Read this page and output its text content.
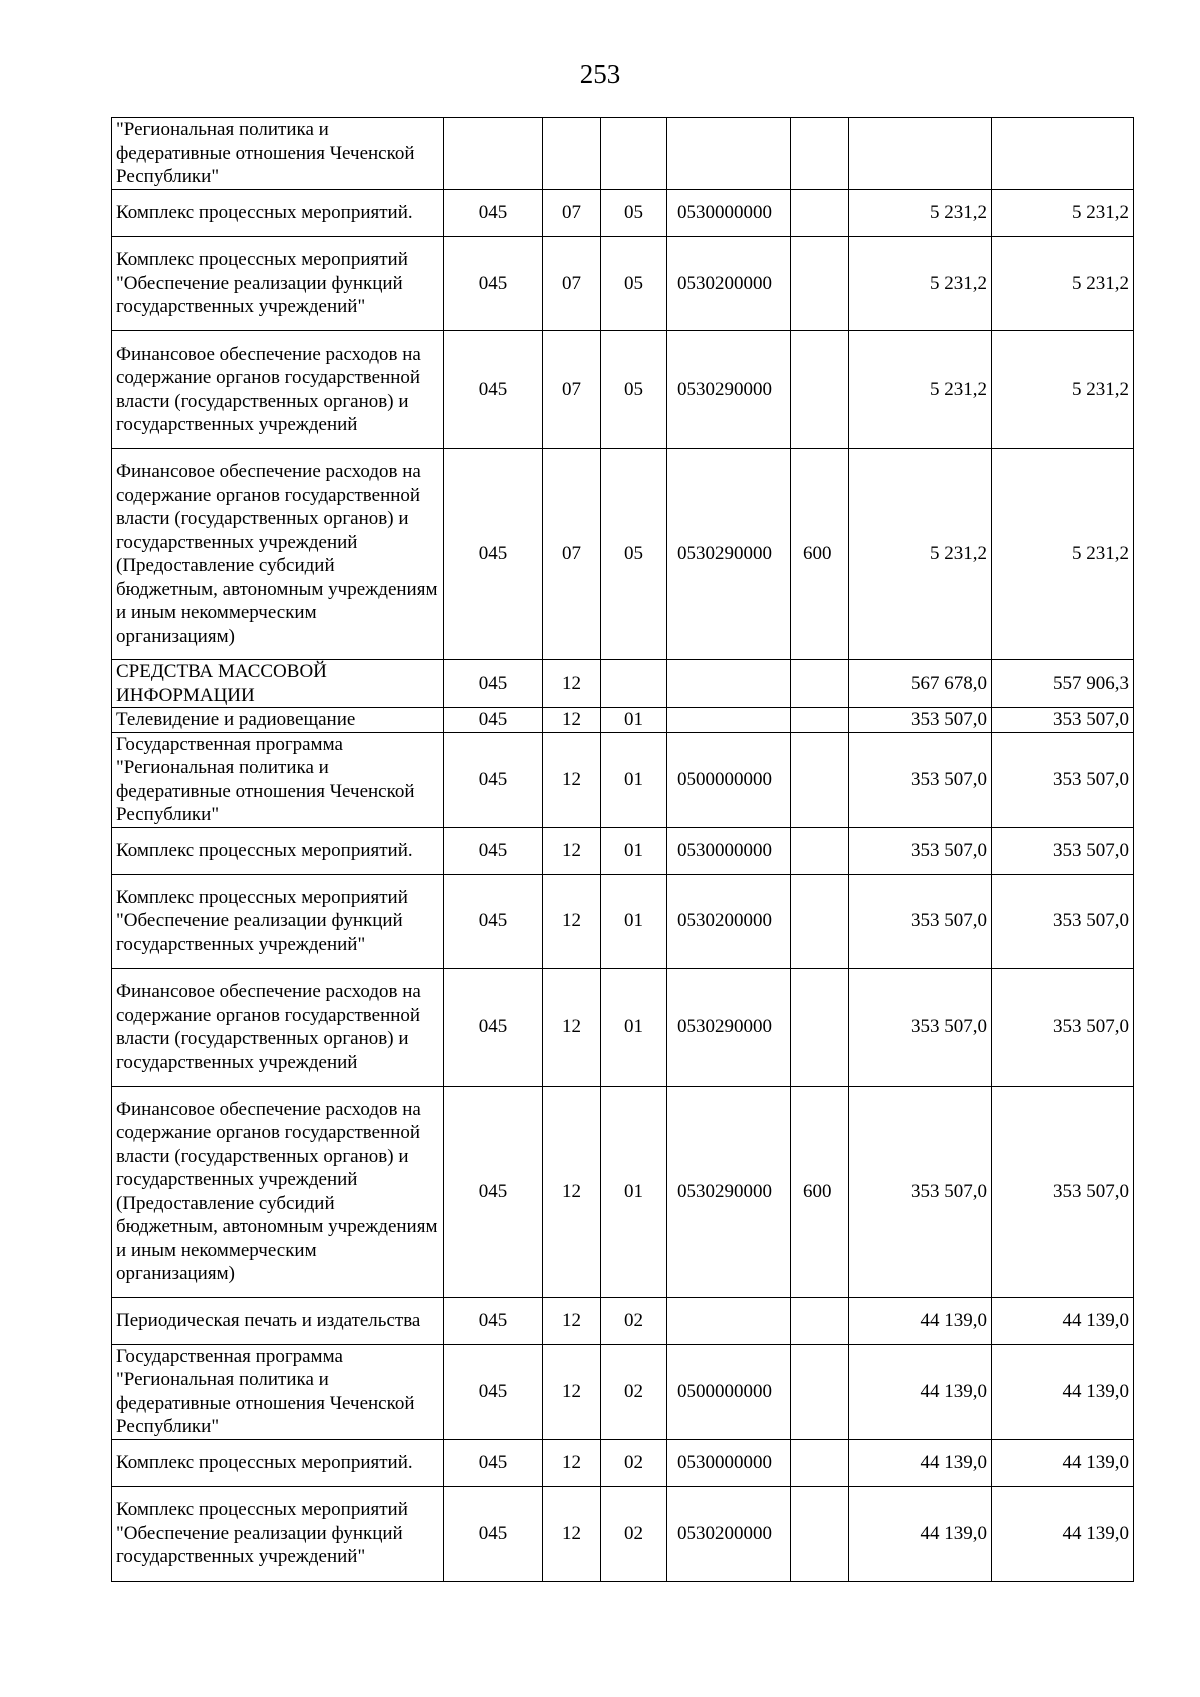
253
"Региональная политика и федеративные отношения Чеченской Республики"							
Комплекс процессных мероприятий.	045	07	05	0530000000		5 231,2	5 231,2
Комплекс процессных мероприятий "Обеспечение реализации функций государственных учреждений"	045	07	05	0530200000		5 231,2	5 231,2
Финансовое обеспечение расходов на содержание органов государственной власти (государственных органов) и государственных учреждений	045	07	05	0530290000		5 231,2	5 231,2
Финансовое обеспечение расходов на содержание органов государственной власти (государственных органов) и государственных учреждений (Предоставление субсидий бюджетным, автономным учреждениям и иным некоммерческим организациям)	045	07	05	0530290000	600	5 231,2	5 231,2
СРЕДСТВА МАССОВОЙ ИНФОРМАЦИИ	045	12				567 678,0	557 906,3
Телевидение и радиовещание	045	12	01			353 507,0	353 507,0
Государственная программа "Региональная политика и федеративные отношения Чеченской Республики"	045	12	01	0500000000		353 507,0	353 507,0
Комплекс процессных мероприятий.	045	12	01	0530000000		353 507,0	353 507,0
Комплекс процессных мероприятий "Обеспечение реализации функций государственных учреждений"	045	12	01	0530200000		353 507,0	353 507,0
Финансовое обеспечение расходов на содержание органов государственной власти (государственных органов) и государственных учреждений	045	12	01	0530290000		353 507,0	353 507,0
Финансовое обеспечение расходов на содержание органов государственной власти (государственных органов) и государственных учреждений (Предоставление субсидий бюджетным, автономным учреждениям и иным некоммерческим организациям)	045	12	01	0530290000	600	353 507,0	353 507,0
Периодическая печать и издательства	045	12	02			44 139,0	44 139,0
Государственная программа "Региональная политика и федеративные отношения Чеченской Республики"	045	12	02	0500000000		44 139,0	44 139,0
Комплекс процессных мероприятий.	045	12	02	0530000000		44 139,0	44 139,0
Комплекс процессных мероприятий "Обеспечение реализации функций государственных учреждений"	045	12	02	0530200000		44 139,0	44 139,0
